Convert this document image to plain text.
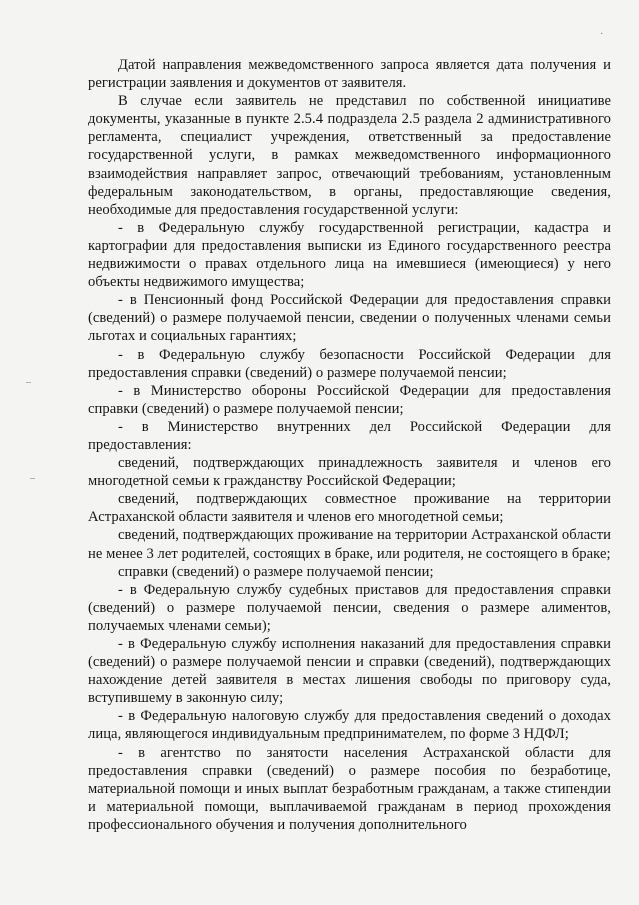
Датой направления межведомственного запроса является дата получения и регистрации заявления и документов от заявителя.

В случае если заявитель не представил по собственной инициативе документы, указанные в пункте 2.5.4 подраздела 2.5 раздела 2 административного регламента, специалист учреждения, ответственный за предоставление государственной услуги, в рамках межведомственного информационного взаимодействия направляет запрос, отвечающий требованиям, установленным федеральным законодательством, в органы, предоставляющие сведения, необходимые для предоставления государственной услуги:

- в Федеральную службу государственной регистрации, кадастра и картографии для предоставления выписки из Единого государственного реестра недвижимости о правах отдельного лица на имевшиеся (имеющиеся) у него объекты недвижимого имущества;

- в Пенсионный фонд Российской Федерации для предоставления справки (сведений) о размере получаемой пенсии, сведении о полученных членами семьи льготах и социальных гарантиях;

- в Федеральную службу безопасности Российской Федерации для предоставления справки (сведений) о размере получаемой пенсии;

- в Министерство обороны Российской Федерации для предоставления справки (сведений) о размере получаемой пенсии;

- в Министерство внутренних дел Российской Федерации для предоставления:

сведений, подтверждающих принадлежность заявителя и членов его многодетной семьи к гражданству Российской Федерации;

сведений, подтверждающих совместное проживание на территории Астраханской области заявителя и членов его многодетной семьи;

сведений, подтверждающих проживание на территории Астраханской области не менее 3 лет родителей, состоящих в браке, или родителя, не состоящего в браке;

справки (сведений) о размере получаемой пенсии;

- в Федеральную службу судебных приставов для предоставления справки (сведений) о размере получаемой пенсии, сведения о размере алиментов, получаемых членами семьи);

- в Федеральную службу исполнения наказаний для предоставления справки (сведений) о размере получаемой пенсии и справки (сведений), подтверждающих нахождение детей заявителя в местах лишения свободы по приговору суда, вступившему в законную силу;

- в Федеральную налоговую службу для предоставления сведений о доходах лица, являющегося индивидуальным предпринимателем, по форме 3 НДФЛ;

- в агентство по занятости населения Астраханской области для предоставления справки (сведений) о размере пособия по безработице, материальной помощи и иных выплат безработным гражданам, а также стипендии и материальной помощи, выплачиваемой гражданам в период прохождения профессионального обучения и получения дополнительного

–
–
·
